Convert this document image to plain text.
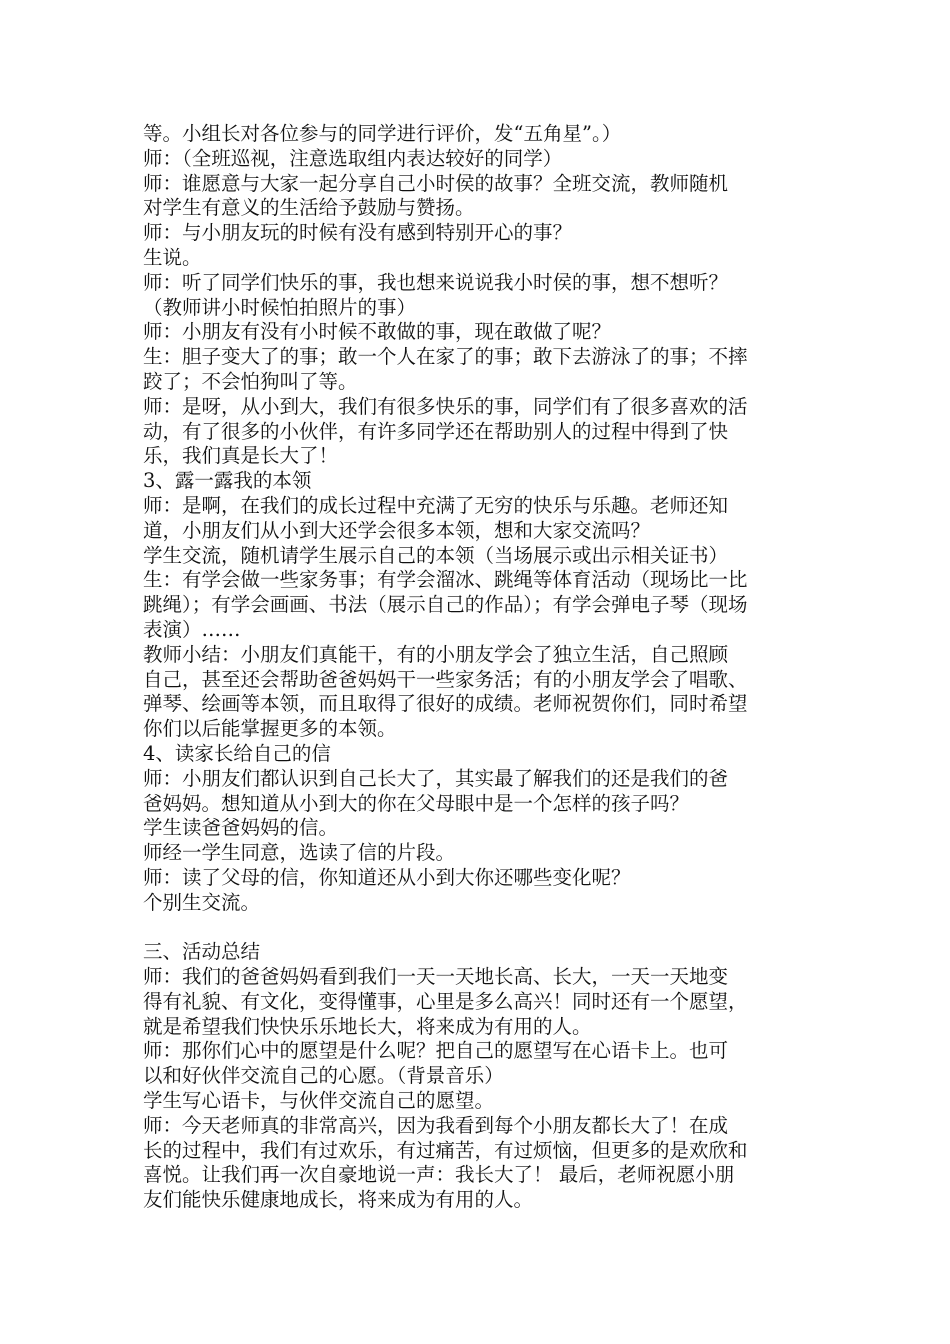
等。小组长对各位参与的同学进行评价，发“五角星”。）
师：（全班巡视，注意选取组内表达较好的同学）
师：谁愿意与大家一起分享自己小时侯的故事？全班交流，教师随机
对学生有意义的生活给予鼓励与赞扬。
师：与小朋友玩的时候有没有感到特别开心的事？
生说。
师：听了同学们快乐的事，我也想来说说我小时侯的事，想不想听？
（教师讲小时候怕拍照片的事）
师：小朋友有没有小时候不敢做的事，现在敢做了呢？
生：胆子变大了的事；敢一个人在家了的事；敢下去游泳了的事；不摔
跤了；不会怕狗叫了等。
师：是呀，从小到大，我们有很多快乐的事，同学们有了很多喜欢的活
动，有了很多的小伙伴，有许多同学还在帮助别人的过程中得到了快
乐，我们真是长大了！
3、露一露我的本领
师：是啊，在我们的成长过程中充满了无穷的快乐与乐趣。老师还知
道，小朋友们从小到大还学会很多本领，想和大家交流吗？
学生交流，随机请学生展示自己的本领（当场展示或出示相关证书）
生：有学会做一些家务事；有学会溜冰、跳绳等体育活动（现场比一比
跳绳）；有学会画画、书法（展示自己的作品）；有学会弹电子琴（现场
表演）……
教师小结：小朋友们真能干，有的小朋友学会了独立生活，自己照顾
自己，甚至还会帮助爸爸妈妈干一些家务活；有的小朋友学会了唱歌、
弹琴、绘画等本领，而且取得了很好的成绩。老师祝贺你们，同时希望
你们以后能掌握更多的本领。
4、读家长给自己的信
师：小朋友们都认识到自己长大了，其实最了解我们的还是我们的爸
爸妈妈。想知道从小到大的你在父母眼中是一个怎样的孩子吗？
学生读爸爸妈妈的信。
师经一学生同意，选读了信的片段。
师：读了父母的信，你知道还从小到大你还哪些变化呢？
个别生交流。
三、活动总结
师：我们的爸爸妈妈看到我们一天一天地长高、长大，一天一天地变
得有礼貌、有文化，变得懂事，心里是多么高兴！同时还有一个愿望，
就是希望我们快快乐乐地长大，将来成为有用的人。
师：那你们心中的愿望是什么呢？把自己的愿望写在心语卡上。也可
以和好伙伴交流自己的心愿。（背景音乐）
学生写心语卡，与伙伴交流自己的愿望。
师：今天老师真的非常高兴，因为我看到每个小朋友都长大了！在成
长的过程中，我们有过欢乐，有过痛苦，有过烦恼，但更多的是欢欣和
喜悦。让我们再一次自豪地说一声：我长大了！ 最后，老师祝愿小朋
友们能快乐健康地成长，将来成为有用的人。
